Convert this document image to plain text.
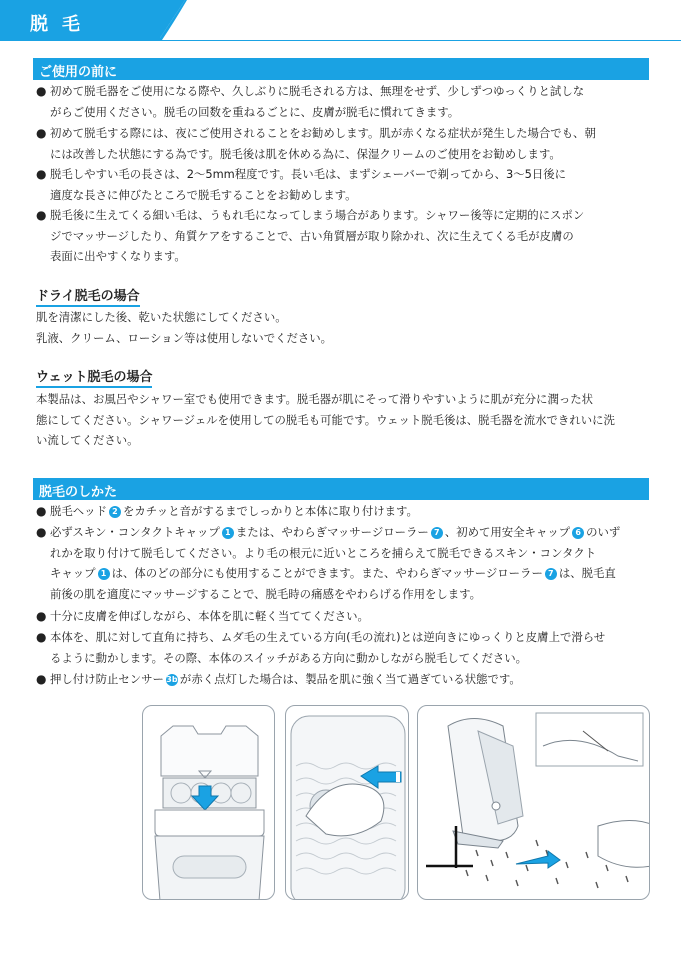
脱毛
ご使用の前に
● 初めて脱毛器をご使用になる際や、久しぶりに脱毛される方は、無理をせず、少しずつゆっくりと試しな
がらご使用ください。脱毛の回数を重ねるごとに、皮膚が脱毛に慣れてきます。
● 初めて脱毛する際には、夜にご使用されることをお勧めします。肌が赤くなる症状が発生した場合でも、朝
には改善した状態にする為です。脱毛後は肌を休める為に、保湿クリームのご使用をお勧めします。
● 脱毛しやすい毛の長さは、2～5mm程度です。長い毛は、まずシェーバーで剃ってから、3～5日後に
適度な長さに伸びたところで脱毛することをお勧めします。
● 脱毛後に生えてくる細い毛は、うもれ毛になってしまう場合があります。シャワー後等に定期的にスポン
ジでマッサージしたり、角質ケアをすることで、古い角質層が取り除かれ、次に生えてくる毛が皮膚の
表面に出やすくなります。
ドライ脱毛の場合
肌を清潔にした後、乾いた状態にしてください。
乳液、クリーム、ローション等は使用しないでください。
ウェット脱毛の場合
本製品は、お風呂やシャワー室でも使用できます。脱毛器が肌にそって滑りやすいように肌が充分に潤った状
態にしてください。シャワージェルを使用しての脱毛も可能です。ウェット脱毛後は、脱毛器を流水できれいに洗
い流してください。
脱毛のしかた
● 脱毛ヘッド 2 をカチッと音がするまでしっかりと本体に取り付けます。
● 必ずスキン・コンタクトキャップ 1 または、やわらぎマッサージローラー 7 、初めて用安全キャップ 6 のいず
れかを取り付けて脱毛してください。より毛の根元に近いところを捕らえて脱毛できるスキン・コンタクト
キャップ 1 は、体のどの部分にも使用することができます。また、やわらぎマッサージローラー 7 は、脱毛直
前後の肌を適度にマッサージすることで、脱毛時の痛感をやわらげる作用をします。
● 十分に皮膚を伸ばしながら、本体を肌に軽く当ててください。
● 本体を、肌に対して直角に持ち、ムダ毛の生えている方向(毛の流れ)とは逆向きにゆっくりと皮膚上で滑らせ
るように動かします。その際、本体のスイッチがある方向に動かしながら脱毛してください。
● 押し付け防止センサー 3b が赤く点灯した場合は、製品を肌に強く当て過ぎている状態です。
